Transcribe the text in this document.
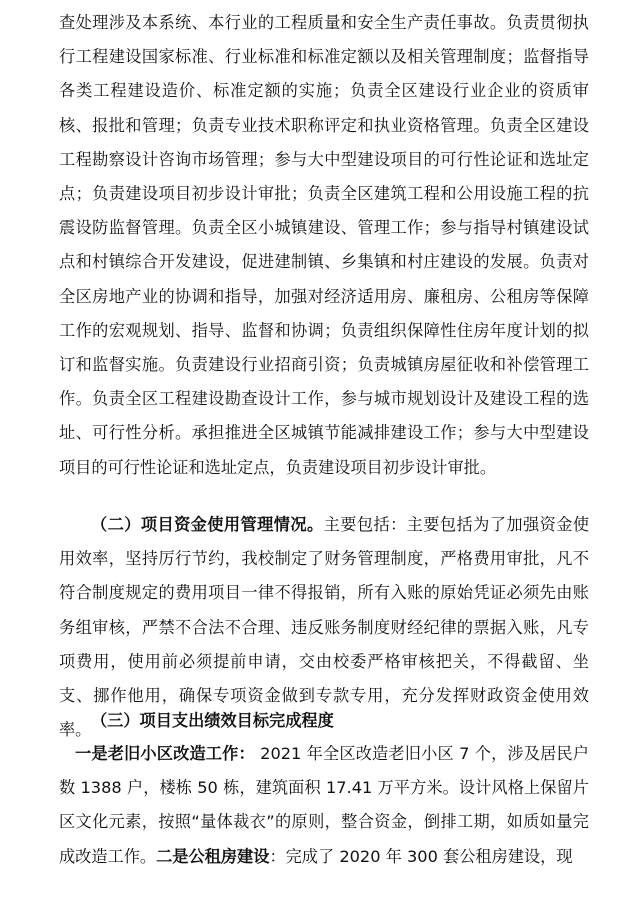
查处理涉及本系统、本行业的工程质量和安全生产责任事故。负责贯彻执行工程建设国家标准、行业标准和标准定额以及相关管理制度；监督指导各类工程建设造价、标准定额的实施；负责全区建设行业企业的资质审核、报批和管理；负责专业技术职称评定和执业资格管理。负责全区建设工程勘察设计咨询市场管理；参与大中型建设项目的可行性论证和选址定点；负责建设项目初步设计审批；负责全区建筑工程和公用设施工程的抗震设防监督管理。负责全区小城镇建设、管理工作；参与指导村镇建设试点和村镇综合开发建设，促进建制镇、乡集镇和村庄建设的发展。负责对全区房地产业的协调和指导，加强对经济适用房、廉租房、公租房等保障工作的宏观规划、指导、监督和协调；负责组织保障性住房年度计划的拟订和监督实施。负责建设行业招商引资；负责城镇房屋征收和补偿管理工作。负责全区工程建设勘查设计工作，参与城市规划设计及建设工程的选址、可行性分析。承担推进全区城镇节能减排建设工作；参与大中型建设项目的可行性论证和选址定点，负责建设项目初步设计审批。

（二）项目资金使用管理情况。主要包括：主要包括为了加强资金使用效率，坚持厉行节约，我校制定了财务管理制度，严格费用审批，凡不符合制度规定的费用项目一律不得报销，所有入账的原始凭证必须先由账务组审核，严禁不合法不合理、违反账务制度财经纪律的票据入账，凡专项费用，使用前必须提前申请，交由校委严格审核把关，不得截留、坐支、挪作他用，确保专项资金做到专款专用，充分发挥财政资金使用效率。 （三）项目支出绩效目标完成程度

一是老旧小区改造工作： 2021 年全区改造老旧小区 7 个，涉及居民户数 1388 户，楼栋 50 栋，建筑面积 17.41 万平方米。设计风格上保留片区文化元素，按照“量体裁衣”的原则，整合资金，倒排工期，如质如量完成改造工作。二是公租房建设：完成了 2020 年 300 套公租房建设，现
